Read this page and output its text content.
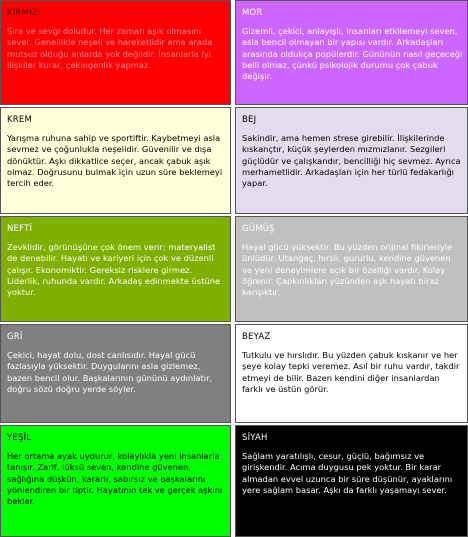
KIRMIZI
Sıra ve sevgi doludur. Her zaman aşık olmasını sever. Genellikle neşeli ve hareketlidir ama arada mutsuz olduğu anlarda yok değildir. İnsanlarla iyi ilişkiler kurar, çekingenlik yapmaz.
MOR
Gizemli, çekici, anlayışlı, insanları etkilemeyi seven, asla bencil olmayan bir yapısı vardır. Arkadaşları arasında oldukça popülerdir. Gününün nasıl geçeceği belli olmaz, çünkü psikolojik durumu çok çabuk değişir.
KREM
Yarışma ruhuna sahip ve sportiftir. Kaybetmeyi asla sevmez ve çoğunlukla neşelidir. Güvenilir ve dışa dönüktür. Aşkı dikkatlice seçer, ancak çabuk aşık olmaz. Doğrusunu bulmak için uzun süre beklemeyi tercih eder.
BEJ
Sakindir, ama hemen strese girebilir. İlişkilerinde kıskançtır, küçük şeylerden mızmızlanır. Sezgileri güçlüdür ve çalışkandır, bencilliği hiç sevmez. Ayrıca merhametlidir. Arkadaşları için her türlü fedakarlığı yapar.
NEFTİ
Zevklidir, görünüşüne çok önem verir; materyalist de denebilir. Hayatı ve kariyeri için çok ve düzenli çalışır. Ekonomiktir. Gereksiz risklere girmez. Liderlik, ruhunda vardır. Arkadaş edinmekte üstüne yoktur.
GÜMÜŞ
Hayal gücü yüksektir. Bu yüzden orijinal fikirleriyle ünlüdür. Utangaç, hırslı, gururlu, kendine güvenen ve yeni deneyimlere açık bir özelliği vardır. Kolay öğrenir. Çapkınlıkları yüzünden aşk hayatı biraz karışıktır.
GRİ
Çekici, hayat dolu, dost canlısıdır. Hayal gücü fazlasıyla yüksektir. Duygularını asla gizlemez, bazen bencil olur. Başkalarının gününü aydınlatır, doğru sözü doğru yerde söyler.
BEYAZ
Tutkulu ve hırslıdır. Bu yüzden çabuk kıskanır ve her şeye kolay tepki veremez. Asıl bir ruhu vardır, takdir etmeyi de bilir. Bazen kendini diğer insanlardan farklı ve üstün görür.
YEŞİL
Her ortama ayak uydurur, kolaylıkla yeni insanlarla tanışır. Zarif, lüksü seven, kendine güvenen, sağlığına düşkün, kararlı, sabırsız ve başkalarını yönlendiren bir tiptir. Hayatının tek ve gerçek aşkını bekler.
SİYAH
Sağlam yaratılışlı, cesur, güçlü, bağımsız ve girişkendir. Acıma duygusu pek yoktur. Bir karar almadan evvel uzunca bir süre düşünür, ayaklarını yere sağlam basar. Aşkı da farklı yaşamayı sever.
